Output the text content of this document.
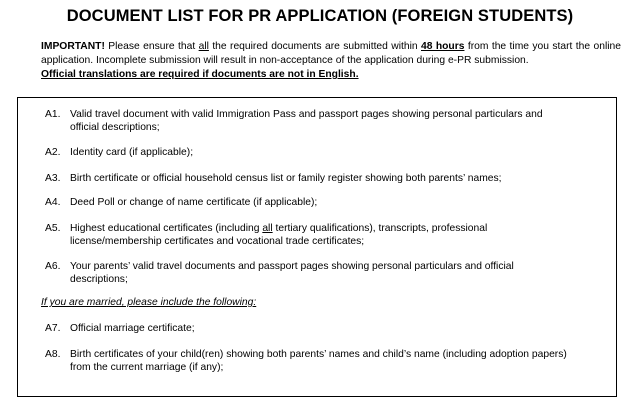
DOCUMENT LIST FOR PR APPLICATION (FOREIGN STUDENTS)
IMPORTANT! Please ensure that all the required documents are submitted within 48 hours from the time you start the online application. Incomplete submission will result in non-acceptance of the application during e-PR submission.
Official translations are required if documents are not in English.
A1. Valid travel document with valid Immigration Pass and passport pages showing personal particulars and
official descriptions;
A2. Identity card (if applicable);
A3. Birth certificate or official household census list or family register showing both parents’ names;
A4. Deed Poll or change of name certificate (if applicable);
A5. Highest educational certificates (including all tertiary qualifications), transcripts, professional
license/membership certificates and vocational trade certificates;
A6. Your parents’ valid travel documents and passport pages showing personal particulars and official
descriptions;
If you are married, please include the following:
A7. Official marriage certificate;
A8. Birth certificates of your child(ren) showing both parents’ names and child’s name (including adoption papers)
from the current marriage (if any);
